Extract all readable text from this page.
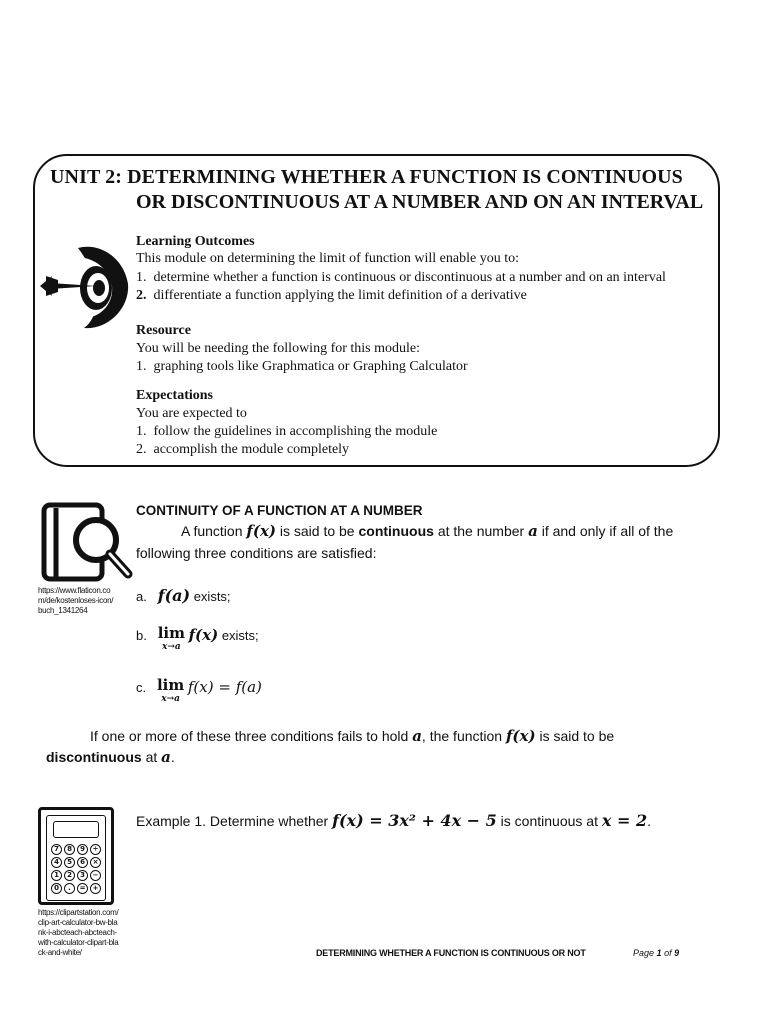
UNIT 2: DETERMINING WHETHER A FUNCTION IS CONTINUOUS
OR DISCONTINUOUS AT A NUMBER AND ON AN INTERVAL
Learning Outcomes
This module on determining the limit of function will enable you to:
1. determine whether a function is continuous or discontinuous at a number and on an interval
2. differentiate a function applying the limit definition of a derivative
Resource
You will be needing the following for this module:
1. graphing tools like Graphmatica or Graphing Calculator
Expectations
You are expected to
1. follow the guidelines in accomplishing the module
2. accomplish the module completely
https://www.flaticon.com/de/kostenloses-icon/buch_1341264
CONTINUITY OF A FUNCTION AT A NUMBER
A function f(x) is said to be continuous at the number a if and only if all of the
following three conditions are satisfied:
a. f(a) exists;
b. lim
x→a
f(x) exists;
c. lim
x→a
f(x) = f(a)
If one or more of these three conditions fails to hold a, the function f(x) is said to be
discontinuous at a.
7	8	9	÷
4	5	6	×
1	2	3	−
0	.	=	+
https://clipartstation.com/clip-art-calculator-bw-blank-i-abcteach-abcteach-with-calculator-clipart-black-and-white/
Example 1. Determine whether f(x) = 3x² + 4x − 5 is continuous at x = 2.
DETERMINING WHETHER A FUNCTION IS CONTINUOUS OR NOT	Page 1 of 9
